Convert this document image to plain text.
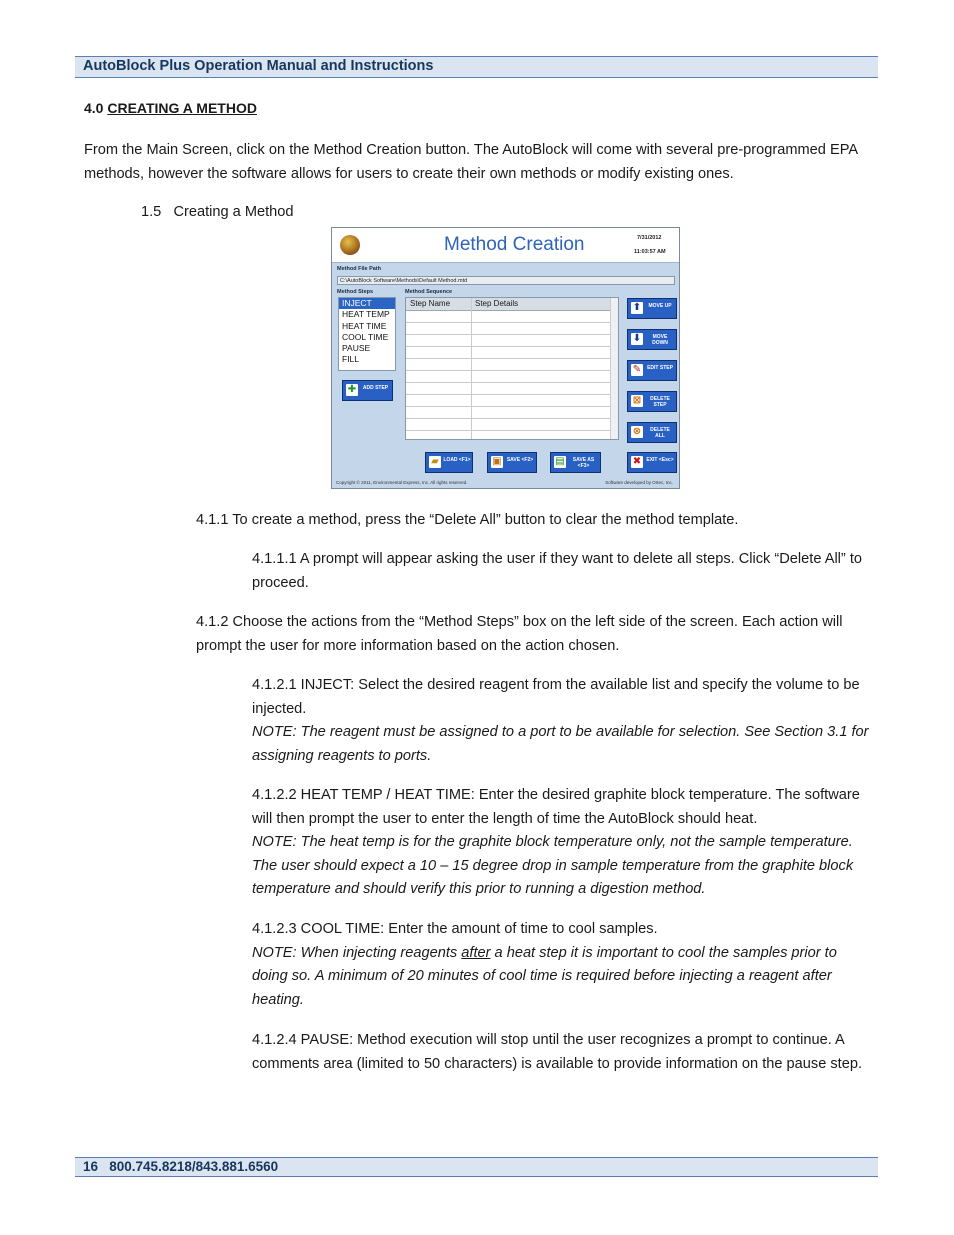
AutoBlock Plus Operation Manual and Instructions
4.0 CREATING A METHOD
From the Main Screen, click on the Method Creation button. The AutoBlock will come with several pre-programmed EPA methods, however the software allows for users to create their own methods or modify existing ones.
1.5   Creating a Method
Method Creation	7/31/2012
11:03:57 AM
Method File Path
C:\AutoBlock Software\Methods\Default Method.mtd
Method Steps	Method Sequence
INJECT
HEAT TEMP
HEAT TIME
COOL TIME
PAUSE
FILL
✚	ADD STEP
Step Name	Step Details	⬆	MOVE UP
⬇	MOVE DOWN
✎	EDIT STEP
⊠	DELETE STEP
⊗	DELETE ALL
▰ LOAD <F1> ▣	SAVE <F2> ▤	SAVE AS <F3>	✖	EXIT <Esc>
Copyright © 2011, Environmental Express, Inc. All rights reserved.	Software developed by Ortec, Inc.
4.1.1 To create a method, press the “Delete All” button to clear the method template.
4.1.1.1 A prompt will appear asking the user if they want to delete all steps. Click “Delete All” to proceed.
4.1.2 Choose the actions from the “Method Steps” box on the left side of the screen. Each action will prompt the user for more information based on the action chosen.
4.1.2.1 INJECT: Select the desired reagent from the available list and specify the volume to be injected.
NOTE: The reagent must be assigned to a port to be available for selection. See Section 3.1 for assigning reagents to ports.
4.1.2.2 HEAT TEMP / HEAT TIME: Enter the desired graphite block temperature. The software will then prompt the user to enter the length of time the AutoBlock should heat.
NOTE: The heat temp is for the graphite block temperature only, not the sample temperature. The user should expect a 10 – 15 degree drop in sample temperature from the graphite block temperature and should verify this prior to running a digestion method.
4.1.2.3 COOL TIME: Enter the amount of time to cool samples.
NOTE: When injecting reagents after a heat step it is important to cool the samples prior to doing so. A minimum of 20 minutes of cool time is required before injecting a reagent after heating.
4.1.2.4 PAUSE: Method execution will stop until the user recognizes a prompt to continue. A comments area (limited to 50 characters) is available to provide information on the pause step.
16   800.745.8218/843.881.6560
